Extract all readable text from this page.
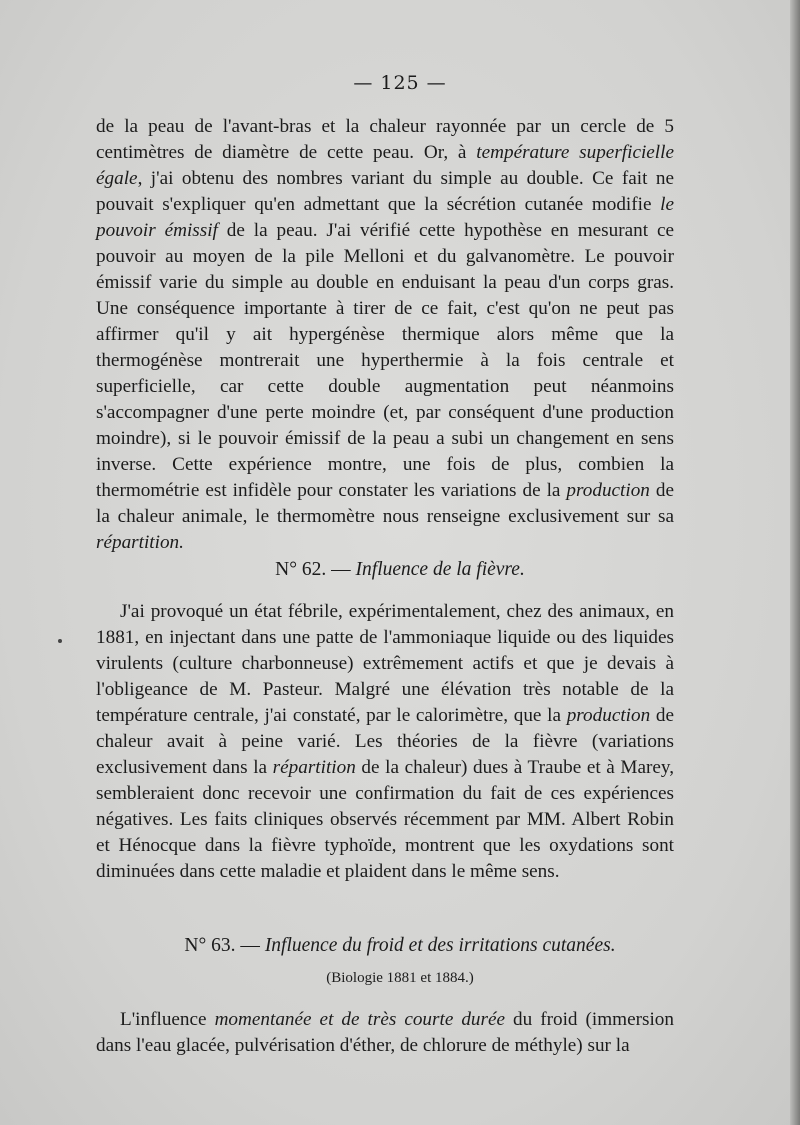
— 125 —

de la peau de l'avant-bras et la chaleur rayonnée par un cercle de 5 centimètres de diamètre de cette peau. Or, à température superficielle égale, j'ai obtenu des nombres variant du simple au double. Ce fait ne pouvait s'expliquer qu'en admettant que la sécrétion cutanée modifie le pouvoir émissif de la peau. J'ai vérifié cette hypothèse en mesurant ce pouvoir au moyen de la pile Melloni et du galvanomètre. Le pouvoir émissif varie du simple au double en enduisant la peau d'un corps gras. Une conséquence importante à tirer de ce fait, c'est qu'on ne peut pas affirmer qu'il y ait hypergénèse thermique alors même que la thermogénèse montrerait une hyperthermie à la fois centrale et superficielle, car cette double augmentation peut néanmoins s'accompagner d'une perte moindre (et, par conséquent d'une production moindre), si le pouvoir émissif de la peau a subi un changement en sens inverse. Cette expérience montre, une fois de plus, combien la thermométrie est infidèle pour constater les variations de la production de la chaleur animale, le thermomètre nous renseigne exclusivement sur sa répartition.

N° 62. — Influence de la fièvre.

J'ai provoqué un état fébrile, expérimentalement, chez des animaux, en 1881, en injectant dans une patte de l'ammoniaque liquide ou des liquides virulents (culture charbonneuse) extrêmement actifs et que je devais à l'obligeance de M. Pasteur. Malgré une élévation très notable de la température centrale, j'ai constaté, par le calorimètre, que la production de chaleur avait à peine varié. Les théories de la fièvre (variations exclusivement dans la répartition de la chaleur) dues à Traube et à Marey, sembleraient donc recevoir une confirmation du fait de ces expériences négatives. Les faits cliniques observés récemment par MM. Albert Robin et Hénocque dans la fièvre typhoïde, montrent que les oxydations sont diminuées dans cette maladie et plaident dans le même sens.

N° 63. — Influence du froid et des irritations cutanées.

(Biologie 1881 et 1884.)

L'influence momentanée et de très courte durée du froid (immersion dans l'eau glacée, pulvérisation d'éther, de chlorure de méthyle) sur la
